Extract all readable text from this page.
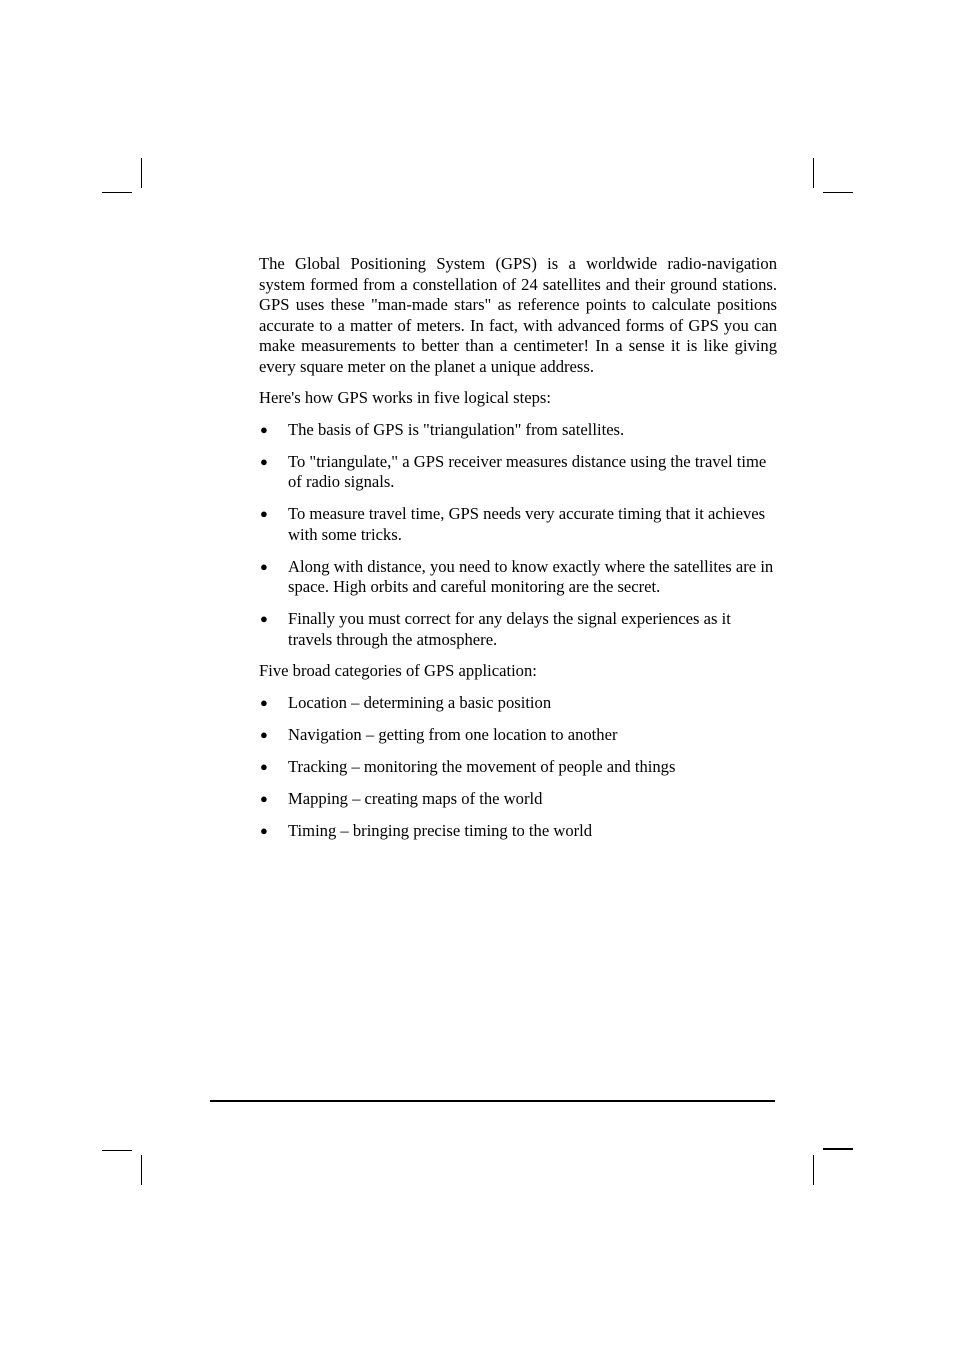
The Global Positioning System (GPS) is a worldwide radio-navigation system formed from a constellation of 24 satellites and their ground stations. GPS uses these "man-made stars" as reference points to calculate positions accurate to a matter of meters. In fact, with advanced forms of GPS you can make measurements to better than a centimeter! In a sense it is like giving every square meter on the planet a unique address.

Here's how GPS works in five logical steps:

● The basis of GPS is "triangulation" from satellites.
● To "triangulate," a GPS receiver measures distance using the travel time of radio signals.
● To measure travel time, GPS needs very accurate timing that it achieves with some tricks.
● Along with distance, you need to know exactly where the satellites are in space. High orbits and careful monitoring are the secret.
● Finally you must correct for any delays the signal experiences as it travels through the atmosphere.

Five broad categories of GPS application:

● Location – determining a basic position
● Navigation – getting from one location to another
● Tracking – monitoring the movement of people and things
● Mapping – creating maps of the world
● Timing – bringing precise timing to the world
